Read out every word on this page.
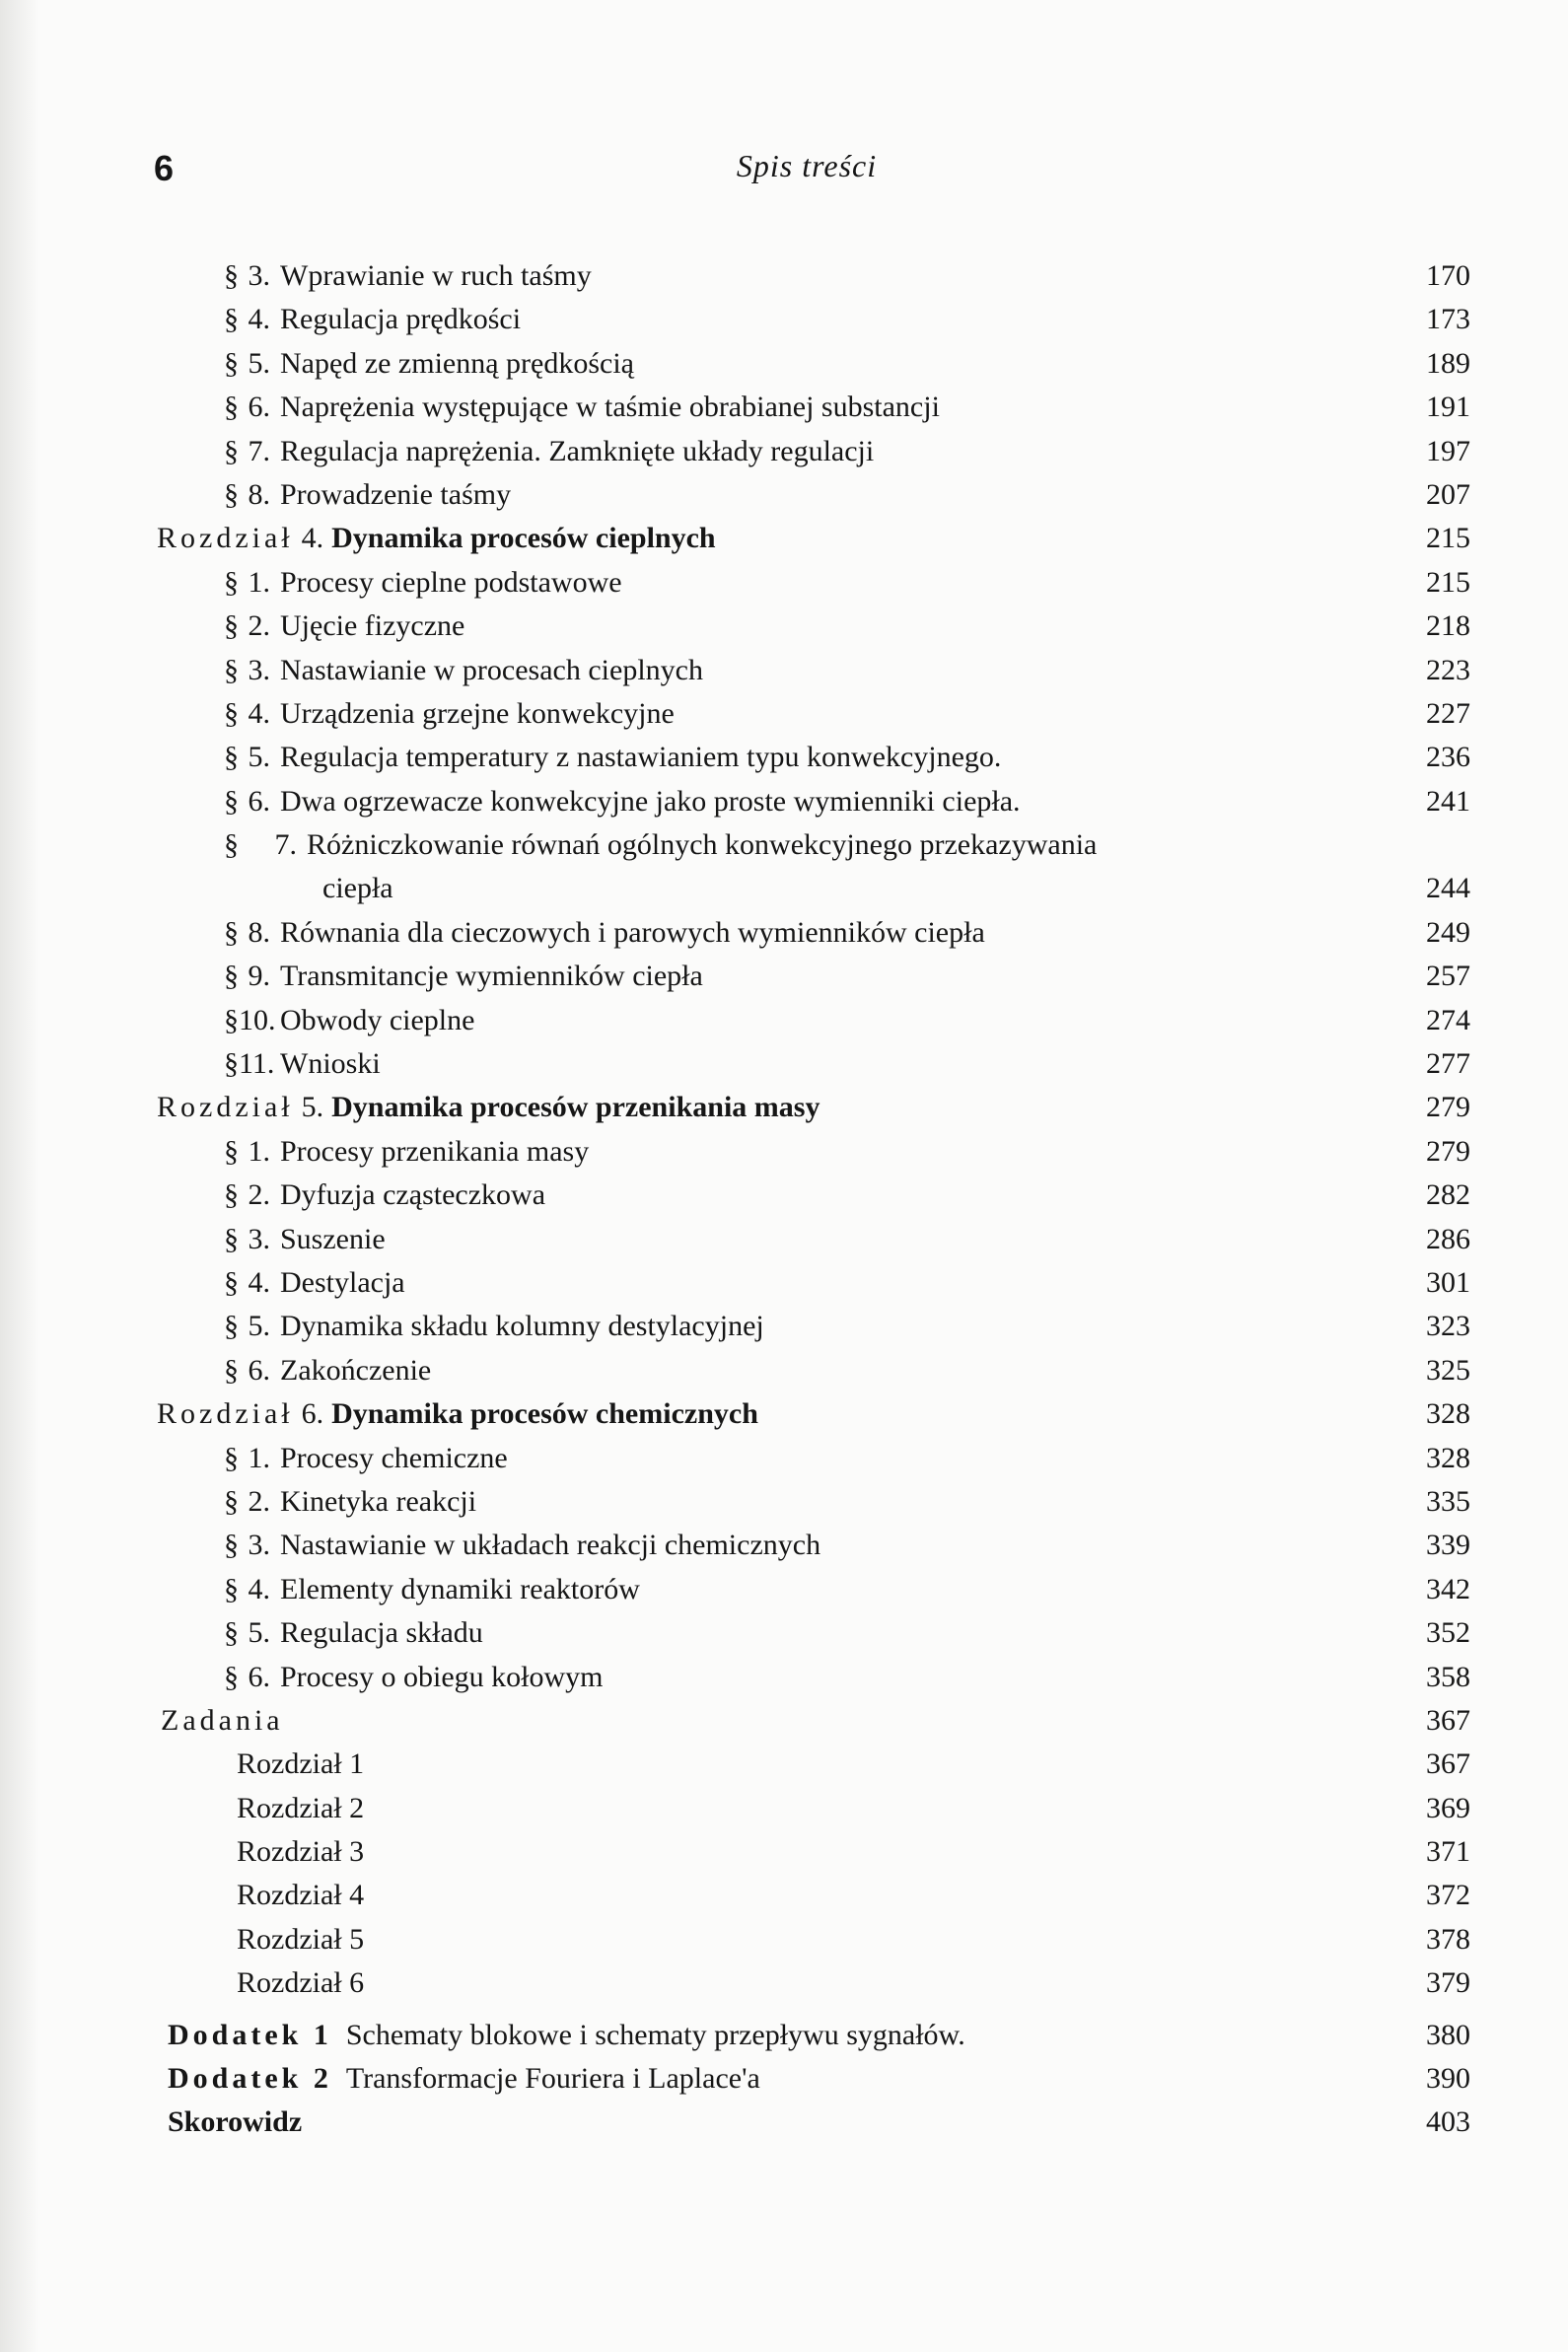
6	Spis treści
§ 3. Wprawianie w ruch taśmy	170
§ 4. Regulacja prędkości	173
§ 5. Napęd ze zmienną prędkością	189
§ 6. Naprężenia występujące w taśmie obrabianej substancji	191
§ 7. Regulacja naprężenia. Zamknięte układy regulacji	197
§ 8. Prowadzenie taśmy	207
Rozdział 4. Dynamika procesów cieplnych	215
§ 1. Procesy cieplne podstawowe	215
§ 2. Ujęcie fizyczne	218
§ 3. Nastawianie w procesach cieplnych	223
§ 4. Urządzenia grzejne konwekcyjne	227
§ 5. Regulacja temperatury z nastawianiem typu konwekcyjnego.	236
§ 6. Dwa ogrzewacze konwekcyjne jako proste wymienniki ciepła.	241
§	7. Różniczkowanie równań ogólnych konwekcyjnego przekazywania
ciepła	244
§ 8. Równania dla cieczowych i parowych wymienników ciepła	249
§ 9. Transmitancje wymienników ciepła	257
§ 10. Obwody cieplne	274
§ 11. Wnioski	277
Rozdział 5. Dynamika procesów przenikania masy	279
§ 1. Procesy przenikania masy	279
§ 2. Dyfuzja cząsteczkowa	282
§ 3. Suszenie	286
§ 4. Destylacja	301
§ 5. Dynamika składu kolumny destylacyjnej	323
§ 6. Zakończenie	325
Rozdział 6. Dynamika procesów chemicznych	328
§ 1. Procesy chemiczne	328
§ 2. Kinetyka reakcji	335
§ 3. Nastawianie w układach reakcji chemicznych	339
§ 4. Elementy dynamiki reaktorów	342
§ 5. Regulacja składu	352
§ 6. Procesy o obiegu kołowym	358
Zadania	367
Rozdział 1	367
Rozdział 2	369
Rozdział 3	371
Rozdział 4	372
Rozdział 5	378
Rozdział 6	379
Dodatek 1 Schematy blokowe i schematy przepływu sygnałów.	380
Dodatek 2 Transformacje Fouriera i Laplace'a	390
Skorowidz	403
